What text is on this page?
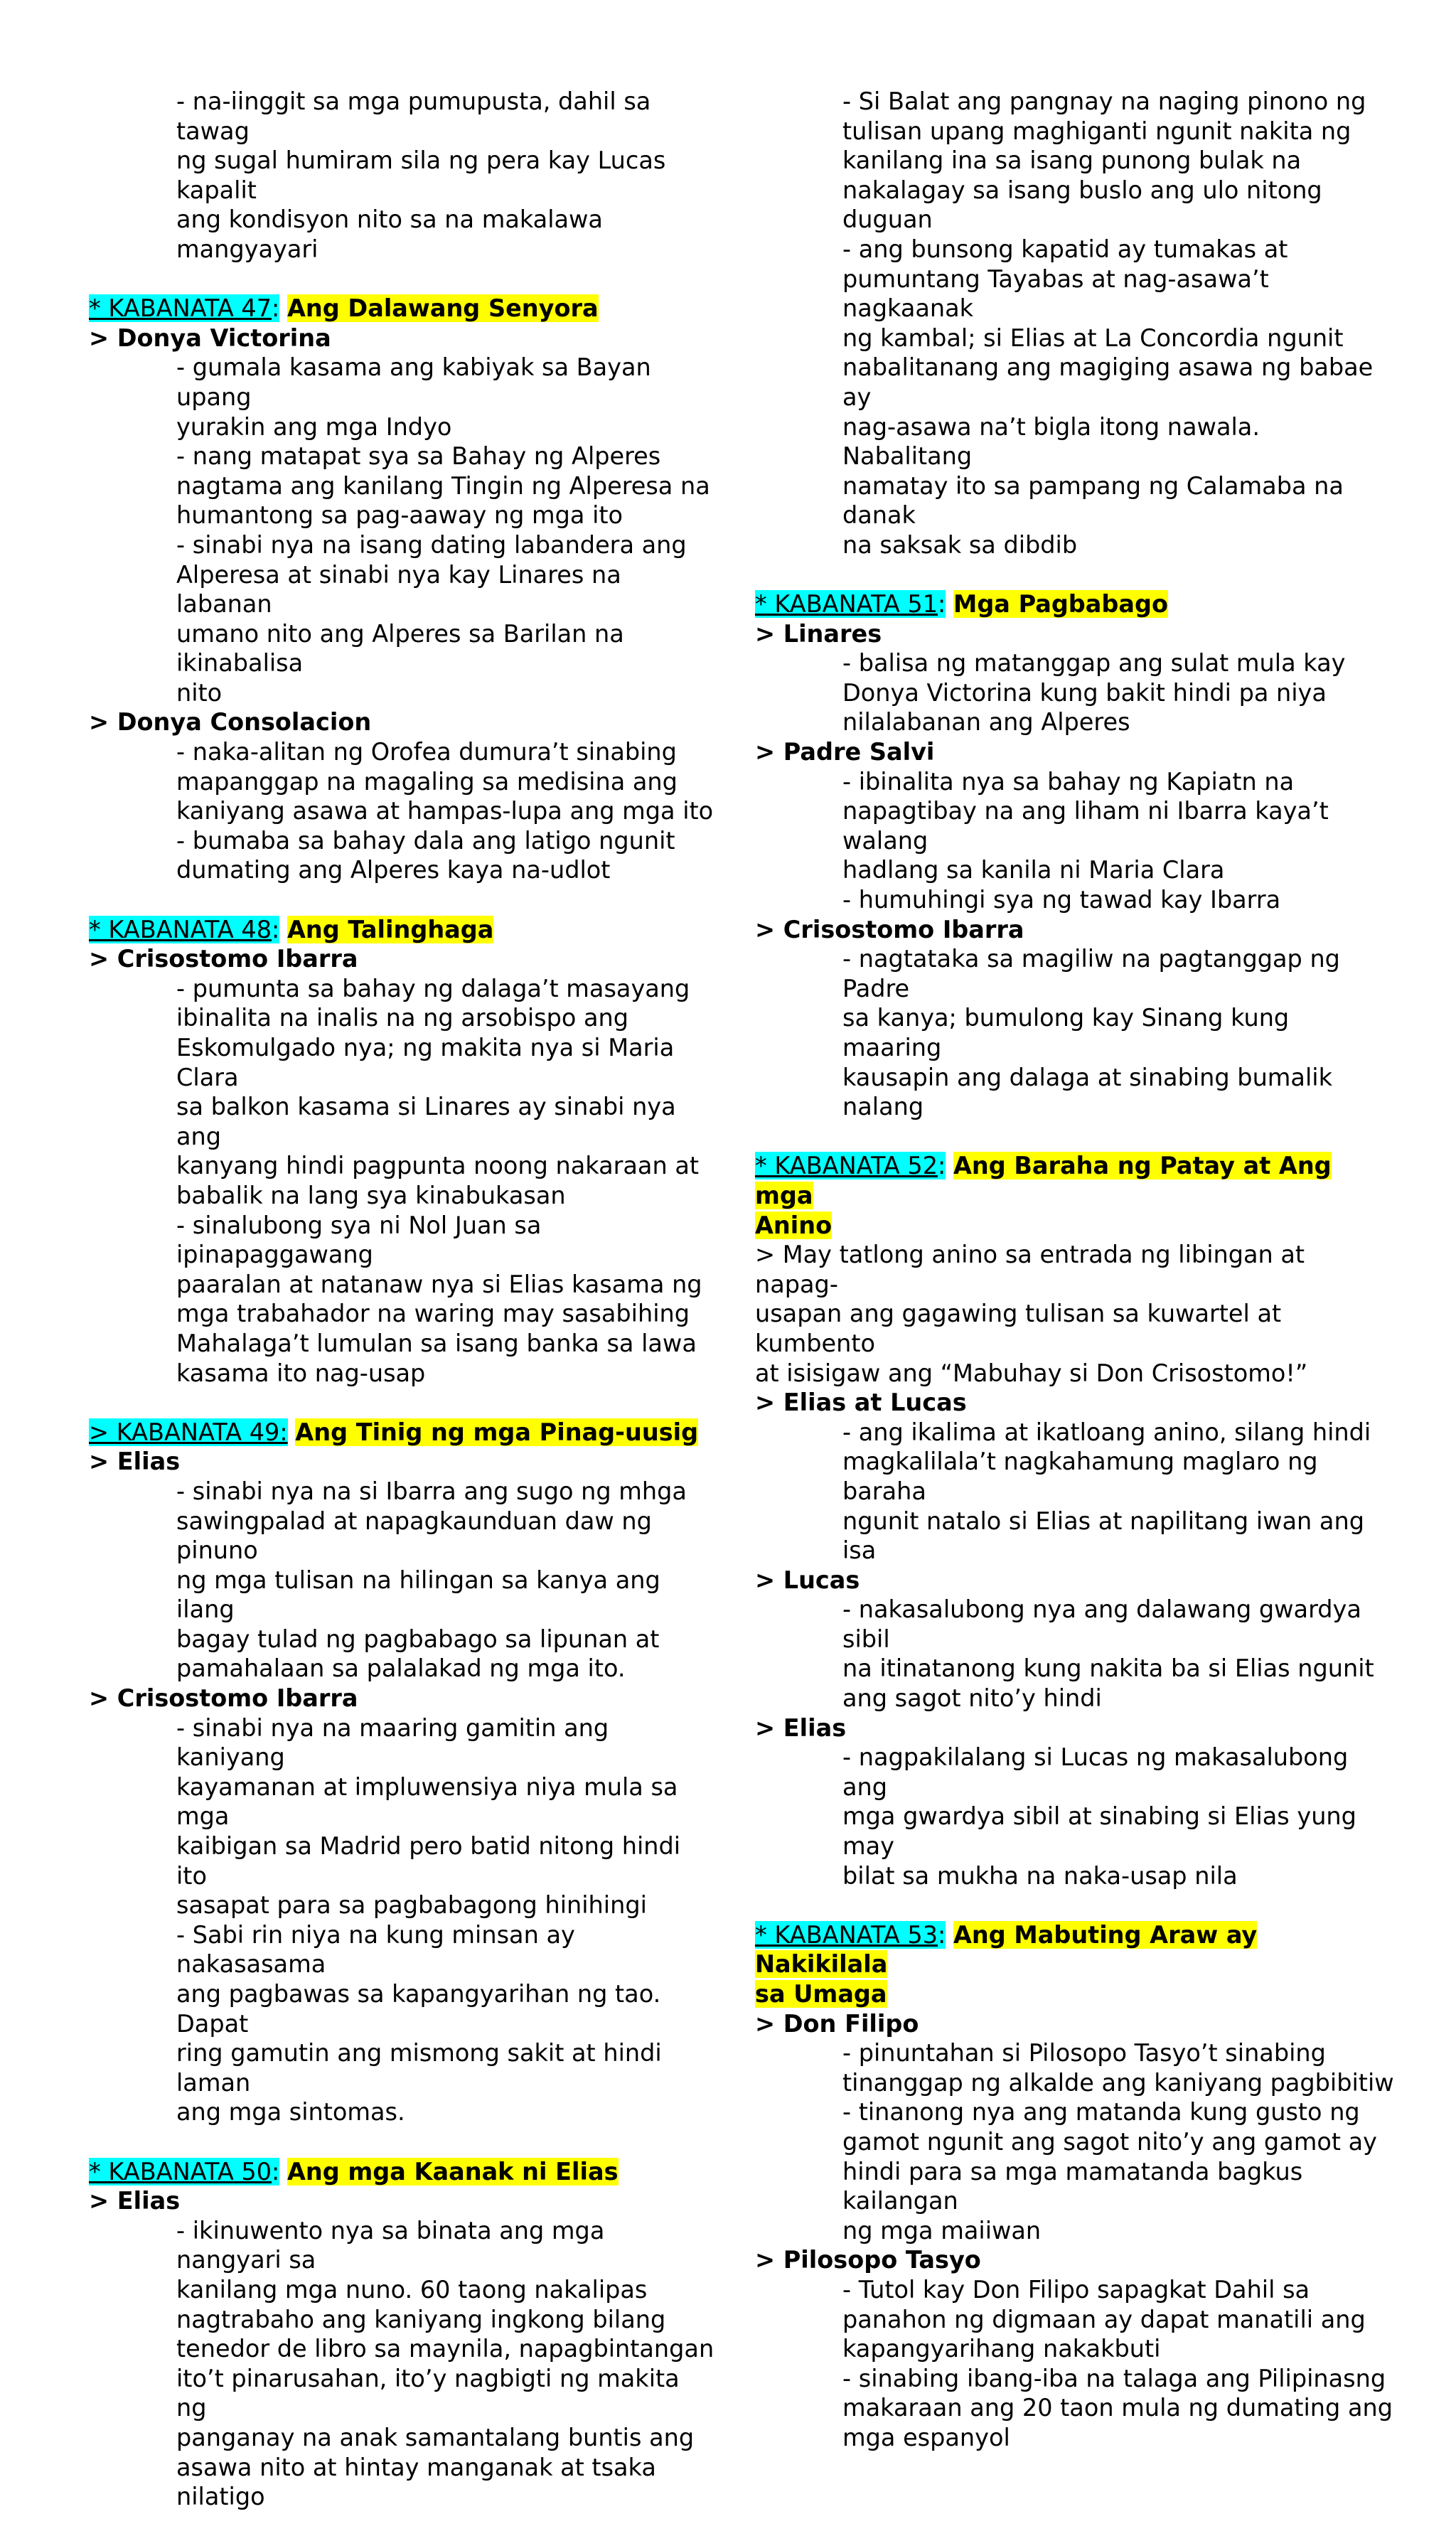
- na-iinggit sa mga pumupusta, dahil sa tawag
ng sugal humiram sila ng pera kay Lucas kapalit
ang kondisyon nito sa na makalawa mangyayari
* KABANATA 47: Ang Dalawang Senyora
> Donya Victorina
- gumala kasama ang kabiyak sa Bayan upang
yurakin ang mga Indyo
- nang matapat sya sa Bahay ng Alperes
nagtama ang kanilang Tingin ng Alperesa na
humantong sa pag-aaway ng mga ito
- sinabi nya na isang dating labandera ang
Alperesa at sinabi nya kay Linares na labanan
umano nito ang Alperes sa Barilan na ikinabalisa
nito
> Donya Consolacion
- naka-alitan ng Orofea dumura’t sinabing
mapanggap na magaling sa medisina ang
kaniyang asawa at hampas-lupa ang mga ito
- bumaba sa bahay dala ang latigo ngunit
dumating ang Alperes kaya na-udlot
* KABANATA 48: Ang Talinghaga
> Crisostomo Ibarra
- pumunta sa bahay ng dalaga’t masayang
ibinalita na inalis na ng arsobispo ang
Eskomulgado nya; ng makita nya si Maria Clara
sa balkon kasama si Linares ay sinabi nya ang
kanyang hindi pagpunta noong nakaraan at
babalik na lang sya kinabukasan
- sinalubong sya ni Nol Juan sa ipinapaggawang
paaralan at natanaw nya si Elias kasama ng
mga trabahador na waring may sasabihing
Mahalaga’t lumulan sa isang banka sa lawa
kasama ito nag-usap
> KABANATA 49: Ang Tinig ng mga Pinag-uusig
> Elias
- sinabi nya na si Ibarra ang sugo ng mhga
sawingpalad at napagkaunduan daw ng pinuno
ng mga tulisan na hilingan sa kanya ang ilang
bagay tulad ng pagbabago sa lipunan at
pamahalaan sa palalakad ng mga ito.
> Crisostomo Ibarra
- sinabi nya na maaring gamitin ang  kaniyang
kayamanan at impluwensiya niya mula sa mga
kaibigan sa Madrid pero batid nitong hindi ito
sasapat para sa pagbabagong hinihingi
- Sabi rin niya na kung minsan ay nakasasama
ang pagbawas sa kapangyarihan ng tao. Dapat
ring gamutin ang mismong sakit at hindi laman
ang mga sintomas.
* KABANATA 50: Ang mga Kaanak ni Elias
> Elias
- ikinuwento nya sa binata ang mga nangyari sa
kanilang mga nuno. 60 taong nakalipas
nagtrabaho ang kaniyang ingkong bilang
tenedor de libro sa maynila, napagbintangan
ito’t pinarusahan, ito’y nagbigti ng makita ng
panganay na anak samantalang buntis ang
asawa nito at hintay manganak at tsaka nilatigo
- Si Balat ang pangnay na naging pinono ng
tulisan upang maghiganti ngunit nakita ng
kanilang ina sa isang punong bulak na
nakalagay sa isang buslo ang ulo nitong duguan
- ang bunsong kapatid ay tumakas at
pumuntang Tayabas at nag-asawa’t nagkaanak
ng kambal; si Elias at La Concordia ngunit
nabalitanang ang magiging asawa ng babae ay
nag-asawa na’t bigla itong nawala. Nabalitang
namatay ito sa pampang ng Calamaba na danak
na saksak sa dibdib
* KABANATA 51: Mga Pagbabago
> Linares
- balisa ng matanggap ang sulat mula kay
Donya Victorina kung bakit hindi pa niya
nilalabanan ang Alperes
> Padre Salvi
- ibinalita nya sa bahay ng Kapiatn na
napagtibay na ang liham ni Ibarra kaya’t walang
hadlang sa kanila ni Maria Clara
- humuhingi sya ng tawad kay Ibarra
> Crisostomo Ibarra
- nagtataka sa magiliw na pagtanggap ng Padre
sa kanya; bumulong kay Sinang kung maaring
kausapin ang dalaga at sinabing bumalik nalang
* KABANATA 52: Ang Baraha ng Patay at Ang mga
Anino
> May tatlong anino sa entrada ng libingan at napag-
usapan ang gagawing tulisan sa kuwartel at kumbento
at isisigaw ang “Mabuhay si Don Crisostomo!”
> Elias at Lucas
- ang ikalima at ikatloang anino, silang hindi
magkalilala’t nagkahamung maglaro ng baraha
ngunit natalo si Elias at napilitang iwan ang isa
> Lucas
- nakasalubong nya ang dalawang gwardya sibil
na itinatanong kung nakita ba si Elias ngunit
ang sagot nito’y hindi
> Elias
- nagpakilalang si Lucas ng makasalubong ang
mga gwardya sibil at sinabing si Elias yung may
bilat sa mukha na naka-usap nila
* KABANATA 53: Ang Mabuting Araw ay Nakikilala
sa Umaga
> Don Filipo
- pinuntahan si Pilosopo Tasyo’t sinabing
tinanggap ng alkalde ang kaniyang pagbibitiw
- tinanong nya ang matanda kung gusto ng
gamot ngunit ang sagot nito’y ang gamot ay
hindi para sa mga mamatanda bagkus kailangan
ng mga maiiwan
> Pilosopo Tasyo
- Tutol kay Don Filipo sapagkat Dahil sa
panahon ng digmaan ay dapat manatili ang
kapangyarihang nakakbuti
- sinabing ibang-iba na talaga ang Pilipinasng
makaraan ang 20 taon mula ng dumating ang
mga espanyol
